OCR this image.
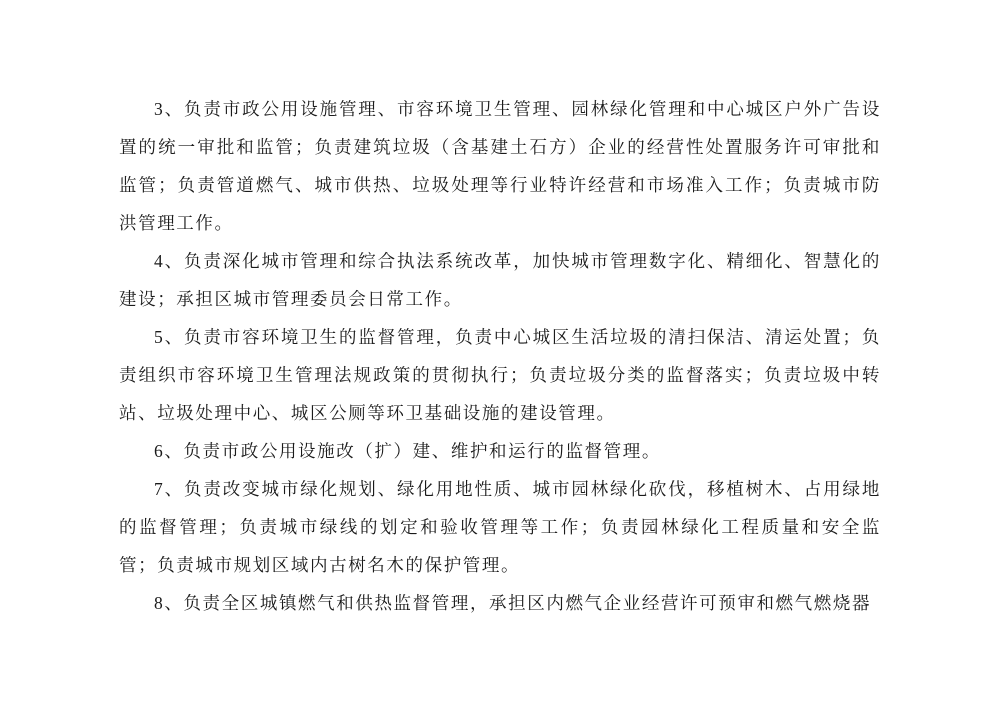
3、负责市政公用设施管理、市容环境卫生管理、园林绿化管理和中心城区户外广告设置的统一审批和监管；负责建筑垃圾（含基建土石方）企业的经营性处置服务许可审批和监管；负责管道燃气、城市供热、垃圾处理等行业特许经营和市场准入工作；负责城市防洪管理工作。

4、负责深化城市管理和综合执法系统改革，加快城市管理数字化、精细化、智慧化的建设；承担区城市管理委员会日常工作。

5、负责市容环境卫生的监督管理，负责中心城区生活垃圾的清扫保洁、清运处置；负责组织市容环境卫生管理法规政策的贯彻执行；负责垃圾分类的监督落实；负责垃圾中转站、垃圾处理中心、城区公厕等环卫基础设施的建设管理。

6、负责市政公用设施改（扩）建、维护和运行的监督管理。

7、负责改变城市绿化规划、绿化用地性质、城市园林绿化砍伐，移植树木、占用绿地的监督管理；负责城市绿线的划定和验收管理等工作；负责园林绿化工程质量和安全监管；负责城市规划区域内古树名木的保护管理。

8、负责全区城镇燃气和供热监督管理，承担区内燃气企业经营许可预审和燃气燃烧器
